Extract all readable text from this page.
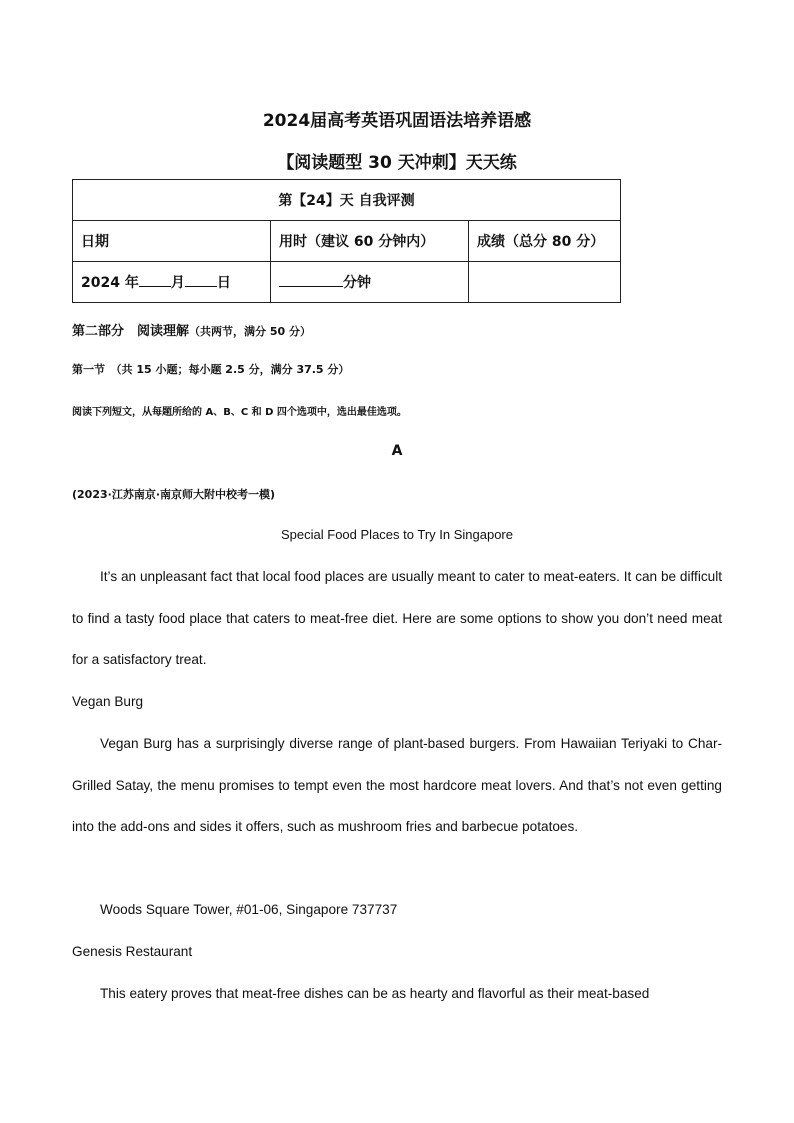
2024届高考英语巩固语法培养语感
【阅读题型 30 天冲刺】天天练
第【24】天 自我评测		
日期	用时（建议 60 分钟内）	成绩（总分 80 分）
2024 年 月 日	分钟	
第二部分　阅读理解（共两节，满分 50 分）
第一节　（共 15 小题；每小题 2.5 分，满分 37.5 分）
阅读下列短文，从每题所给的 A、B、C 和 D 四个选项中，选出最佳选项。
A
(2023·江苏南京·南京师大附中校考一模)
Special Food Places to Try In Singapore
It’s an unpleasant fact that local food places are usually meant to cater to meat-eaters. It can be difficult to find a tasty food place that caters to meat-free diet. Here are some options to show you don’t need meat for a satisfactory treat.
Vegan Burg
Vegan Burg has a surprisingly diverse range of plant-based burgers. From Hawaiian Teriyaki to Char-Grilled Satay, the menu promises to tempt even the most hardcore meat lovers. And that’s not even getting into the add-ons and sides it offers, such as mushroom fries and barbecue potatoes.
Woods Square Tower, #01-06, Singapore 737737
Genesis Restaurant
This eatery proves that meat-free dishes can be as hearty and flavorful as their meat-based
